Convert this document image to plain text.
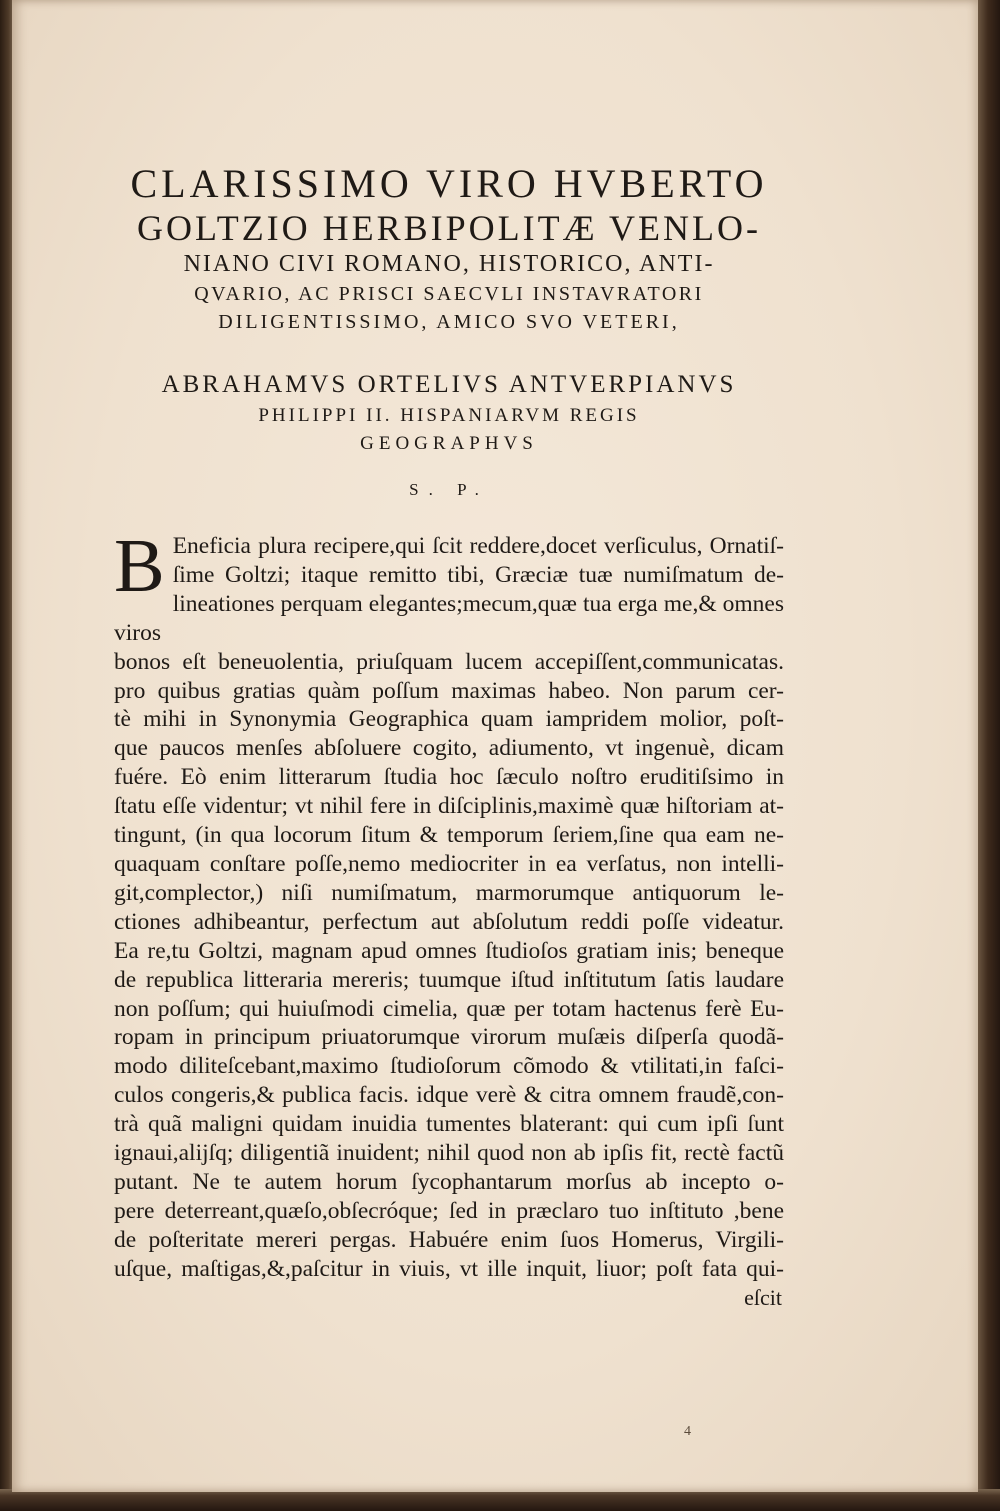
CLARISSIMO VIRO HVBERTO
GOLTZIO HERBIPOLITÆ VENLO-
NIANO CIVI ROMANO, HISTORICO, ANTI-
QVARIO, AC PRISCI SAECVLI INSTAVRATORI
DILIGENTISSIMO, AMICO SVO VETERI,
ABRAHAMVS ORTELIVS ANTVERPIANVS
PHILIPPI II. HISPANIARVM REGIS
GEOGRAPHVS
S. P.
B Eneficia plura recipere,qui ſcit reddere,docet verſiculus, Ornatiſ-

ſime Goltzi; itaque remitto tibi, Græciæ tuæ numiſmatum de-

lineationes perquam elegantes;mecum,quæ tua erga me,& omnes viros

bonos eſt beneuolentia, priuſquam lucem accepiſſent,communicatas.

pro quibus gratias quàm poſſum maximas habeo. Non parum cer-

tè mihi in Synonymia Geographica quam iampridem molior, poſt-

que paucos menſes abſoluere cogito, adiumento, vt ingenuè, dicam

fuére. Eò enim litterarum ſtudia hoc ſæculo noſtro eruditiſsimo in

ſtatu eſſe videntur; vt nihil fere in diſciplinis,maximè quæ hiſtoriam at-

tingunt, (in qua locorum ſitum & temporum ſeriem,ſine qua eam ne-

quaquam conſtare poſſe,nemo mediocriter in ea verſatus, non intelli-

git,complector,) niſi numiſmatum, marmorumque antiquorum le-

ctiones adhibeantur, perfectum aut abſolutum reddi poſſe videatur.

Ea re,tu Goltzi, magnam apud omnes ſtudioſos gratiam inis; beneque

de republica litteraria mereris; tuumque iſtud inſtitutum ſatis laudare

non poſſum; qui huiuſmodi cimelia, quæ per totam hactenus ferè Eu-

ropam in principum priuatorumque virorum muſæis diſperſa quodã-

modo dilitеſcebant,maximo ſtudioſorum cõmodo & vtilitati,in faſci-

culos congeris,& publica facis. idque verè & citra omnem fraudẽ,con-

trà quã maligni quidam inuidia tumentes blaterant: qui cum ipſi ſunt

ignaui,alijſq; diligentiã inuident; nihil quod non ab ipſis fit, rectè factũ

putant. Ne te autem horum ſycophantarum morſus ab incepto o-

pere deterreant,quæſo,obſecróque; ſed in præclaro tuo inſtituto ,bene

de poſteritate mereri pergas. Habuére enim ſuos Homerus, Virgili-

uſque, maſtigas,&,paſcitur in viuis, vt ille inquit, liuor; poſt fata qui-

eſcit
4
